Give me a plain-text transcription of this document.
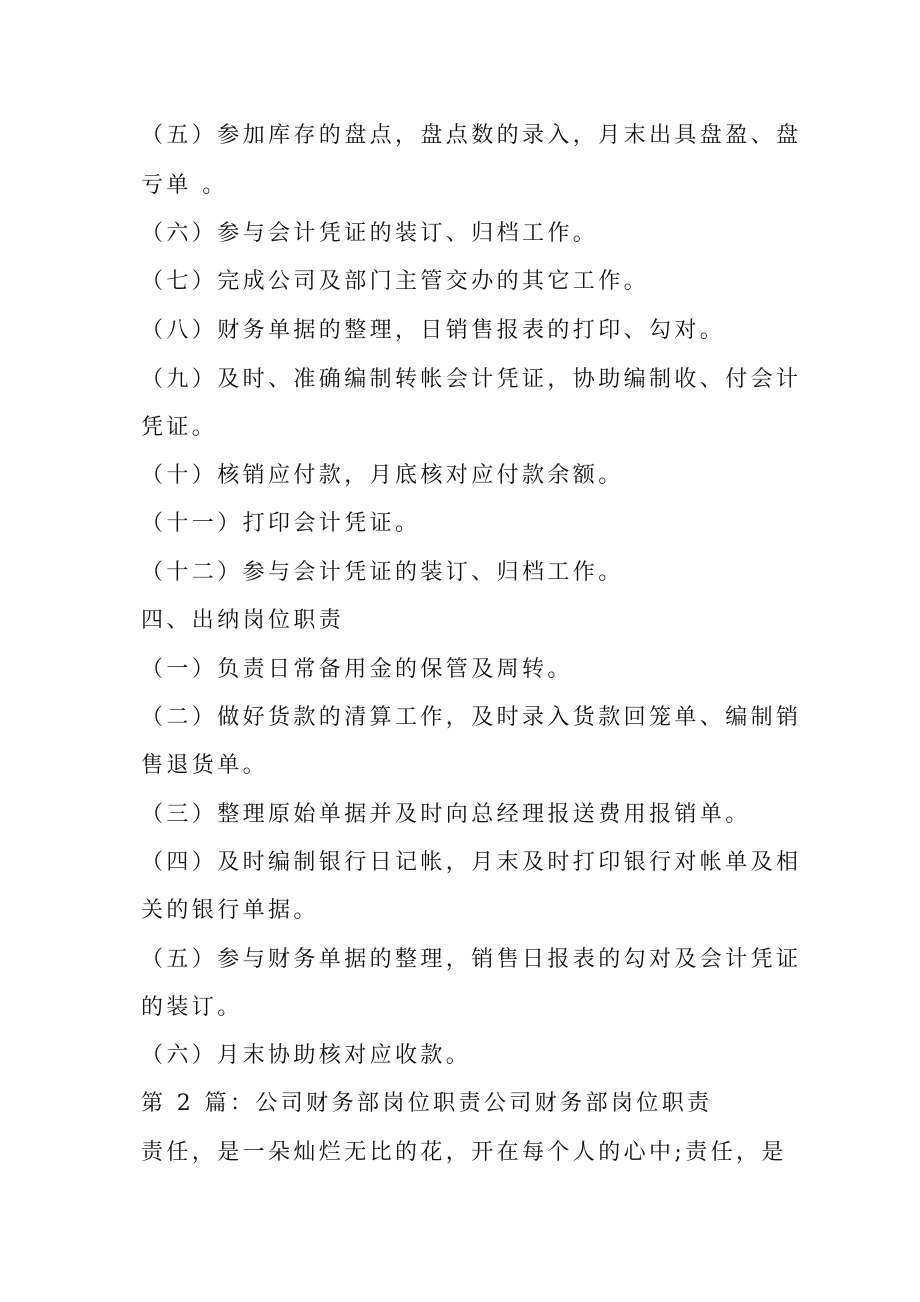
（五）参加库存的盘点，盘点数的录入，月末出具盘盈、盘
亏单 。
（六）参与会计凭证的装订、归档工作。
（七）完成公司及部门主管交办的其它工作。
（八）财务单据的整理，日销售报表的打印、勾对。
（九）及时、准确编制转帐会计凭证，协助编制收、付会计
凭证。
（十）核销应付款，月底核对应付款余额。
（十一）打印会计凭证。
（十二）参与会计凭证的装订、归档工作。
四、出纳岗位职责
（一）负责日常备用金的保管及周转。
（二）做好货款的清算工作，及时录入货款回笼单、编制销
售退货单。
（三）整理原始单据并及时向总经理报送费用报销单。
（四）及时编制银行日记帐，月末及时打印银行对帐单及相
关的银行单据。
（五）参与财务单据的整理，销售日报表的勾对及会计凭证
的装订。
（六）月末协助核对应收款。
第 2 篇：公司财务部岗位职责公司财务部岗位职责
责任，是一朵灿烂无比的花，开在每个人的心中;责任，是
